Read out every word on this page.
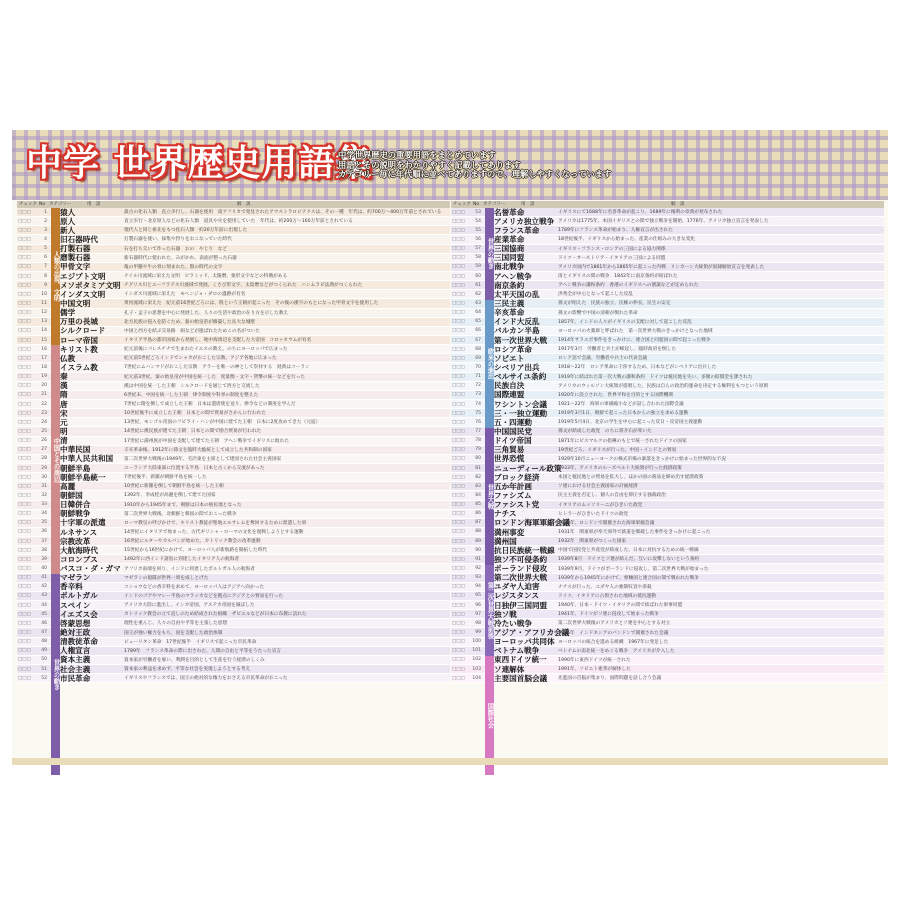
中学 世界歴史用語集
中学世界歴史の重要用語をまとめています
用語とその説明をわかりやすく記載してあります
カテゴリー毎に年代順に並べてありますので、理解しやすくなっています
チェック No カテゴリー	用　語	解　説
□□□	1 猿人	最古の化石人類　直立歩行し、石器を使用　南アフリカで発見されたアウストラロピテクスは、その一種　年代は、約700万～400万年前とされている
□□□	2 原人	直立歩行・北京原人などの化石人類　道具や火を使用していた　年代は、約200万～160万年前とされている
□□□	3 新人	現代人と同じ祖先をもつ化石人類　約20万年前に出現した
□□□	4 旧石器時代	打製石器を使い、採集や狩りをおこなっていた時代
□□□	5 打製石器	石を打ち欠いて作った石器　おの　やじり　など
□□□	6 磨製石器	新石器時代に使われた、みがかれ、表面が整った石器
□□□	7 甲骨文字	亀の甲羅や牛の骨に刻まれた、殷の時代の文字
□□□	8 エジプト文明	ナイル川流域に栄えた文明　ピラミッド、太陽暦、象形文字などの特徴がある
□□□	9 メソポタミア文明 チグリス川とユーフラテス川流域で発展。くさび形文字、太陰暦などがつくられた　ハンムラビ法典がつくられた
□□□	10 インダス文明	インダス川流域に栄えた　モヘンジョ・ダロの遺跡が有名
□□□	11 中国文明	黄河流域に栄えた　紀元前16世紀ごろには、殷という王朝が起こった　その後の漢字のもとになった甲骨文字を使用した
□□□	12 儒学	孔子・孟子の思想を中心に発展した、人々の生活や政治の在り方を示した教え
□□□	13 万里の長城	北方民族の侵入を防ぐため、秦の始皇帝が修築した長大な城壁
□□□	14 シルクロード	中国と西方を結ぶ交易路　絹などが運ばれたためこの名がついた
□□□	15 ローマ帝国	イタリア半島の都市国家から発展し、地中海周辺を支配した大帝国　コロッセウムが有名
□□□	16 キリスト教	紀元前後にパレスチナで生まれたイエスの教え。のちにヨーロッパで広まった
□□□	17 仏教	紀元前5世紀ごろインドでシャカがおこした宗教。アジア各地に広まった
□□□	18 イスラム教	7世紀にムハンマドがおこした宗教　アラーを唯一の神として崇拝する　経典はコーラン
□□□	19 秦	紀元前3世紀、秦の始皇帝が中国を統一した　度量衡・文字・貨幣の統一などを行った
□□□	20 漢	漢は中国を統一した王朝　シルクロードを通じて西方と交流した
□□□	21 隋	6世紀末、中国を統一した王朝　律令制度や科挙の制度を整えた
□□□	22 唐	7世紀に隋を倒して成立した王朝　日本は遣唐使を送り、律令などの制度を学んだ
□□□	23 宋	10世紀後半に成立した王朝　日本との間で貿易がさかんに行われた
□□□	24 元	13世紀、モンゴル帝国のフビライ・ハンが中国に建てた王朝　日本に2度攻めてきた（元寇）
□□□	25 明	14世紀に漢民族が建てた王朝　日本との間で勘合貿易が行われた
□□□	26 清	17世紀に満州族が中国を支配して建てた王朝　アヘン戦争でイギリスに敗れた
□□□	27 中華民国	辛亥革命後、1912年に孫文を臨時大総統として成立した共和制の国家
□□□	28 中華人民共和国	第二次世界大戦後の1949年、毛沢東を主席として建国された社会主義国家
□□□	29 朝鮮半島	ユーラシア大陸東部に位置する半島　日本と古くから交流があった
□□□	30 朝鮮半島統一	7世紀後半、新羅が朝鮮半島を統一した
□□□	31 高麗	10世紀に新羅を倒して朝鮮半島を統一した王朝
□□□	32 朝鮮国	1392年、李成桂が高麗を倒して建てた国家
□□□	33 日韓併合	1910年から1945年まで、朝鮮は日本の植民地となった
□□□	34 朝鮮戦争	第二次世界大戦後、北朝鮮と韓国の間でおこった戦争
□□□	35 十字軍の派遣	ローマ教皇の呼びかけで、キリスト教徒が聖地エルサレムを奪回するために派遣した軍
□□□	36 ルネサンス	14世紀にイタリアで始まった、古代ギリシャ・ローマの文化を復興しようとする運動
□□□	37 宗教改革	16世紀にルターやカルバンが始めた、カトリック教会の改革運動
□□□	38 大航海時代	15世紀から16世紀にかけて、ヨーロッパ人が新航路を開拓した時代
□□□	39 コロンブス	1492年に西インド諸島に到達したイタリア人の航海者
□□□	40 バスコ・ダ・ガマ アフリカ南端を回り、インドに到達したポルトガル人の航海者
□□□	41 マゼラン	マゼランの船隊が世界一周を成しとげた
□□□	42 香辛料	コショウなどの香辛料を求めて、ヨーロッパ人はアジアへ向かった
□□□	43 ポルトガル	インドのゴアやマレー半島のマラッカなどを拠点にアジアとの貿易を行った
□□□	44 スペイン	アメリカ大陸に進出し、インカ帝国、アステカ帝国を滅ぼした
□□□	45 イエズス会	カトリック教会の立て直しのため結成された組織　ザビエルなどが日本に布教に訪れた
□□□	46 啓蒙思想	理性を重んじ、人々の自由や平等を主張した思想
□□□	47 絶対王政	国王が強い権力をもち、国を支配した政治体制
□□□	48 清教徒革命	ピューリタン革命　17世紀後半　イギリスで起こった市民革命
□□□	49 人権宣言	1789年　フランス革命の際に出された、人間の自由と平等をうたった宣言
□□□	50 資本主義	資本家が労働者を雇い、利潤を目的として生産を行う経済のしくみ
□□□	51 社会主義	資本家の利益を求めず、平等な社会を実現しようとする考え
□□□	52 市民革命	イギリスやフランスでは、国王の絶対的な権力をおさえる市民革命がおこった
人類の出現、文明
中国とその周辺
世界の動き
チェック No カテゴリー	用　語	解　説
□□□	53 名誉革命	イギリスにて1688年に名誉革命が起こり、1689年に権利の章典が発布された
□□□	54 アメリカ独立戦争 アメリカは1775年、本国イギリスとの間で独立戦争を開始、1776年、アメリカ独立宣言を発表した
□□□	55 フランス革命	1789年にフランス革命が始まり、人権宣言が出された
□□□	56 産業革命	18世紀後半、イギリスから始まった、産業の仕組みの大きな変化
□□□	57 三国協商	イギリス・フランス・ロシアの三国による協力関係
□□□	58 三国同盟	ドイツ・オーストリア・イタリアの三国による同盟
□□□	59 南北戦争	アメリカ国内で1861年から1865年に起こった内戦　リンカーン大統領が奴隷解放宣言を発表した
□□□	60 アヘン戦争	清とイギリスの間の戦争　1842年に南京条約が結ばれた
□□□	61 南京条約	アヘン戦争の講和条約　香港のイギリスへの割譲などが定められた
□□□	62 太平天国の乱	洪秀全が中心となって起こした反乱
□□□	63 三民主義	孫文が唱えた　民族の独立、民権の伸長、民生の安定
□□□	64 辛亥革命	孫文の影響で中国の清朝が倒れた革命
□□□	65 インド大反乱	1857年、インドの人々がイギリスの支配に対して起こした反乱
□□□	66 バルカン半島	ヨーロッパの火薬庫と呼ばれた　第一次世界大戦のきっかけとなった地域
□□□	67 第一次世界大戦	1914年サラエボ事件をきっかけに、連合国と同盟国の間で起こった戦争
□□□	68 ロシア革命	1917年3月　労働者と兵士が蜂起し、臨時政府を倒した
□□□	69 ソビエト	ロシア語で会議、労働者や兵士の代表会議
□□□	70 シベリア出兵	1918～22年　ロシア革命に干渉するため、日本などがシベリアに出兵した
□□□	71 ベルサイユ条約	1919年に結ばれた第一次大戦の講和条約　ドイツは植民地を失い、多額の賠償金を課された
□□□	72 民族自決	アメリカのウィルソン大統領が提唱した、民族は自らの政治的運命を決定する権利をもつという原則
□□□	73 国際連盟	1920年に設立された、世界平和を目的とする国際機関
□□□	74 ワシントン会議	1921～22年　海軍の軍備縮小などが話し合われた国際会議
□□□	75 三・一独立運動	1919年3月1日、朝鮮で起こった日本からの独立を求める運動
□□□	76 五・四運動	1919年5月4日、北京の学生を中心に起こった反日・反帝国主義運動
□□□	77 中国国民党	孫文が結成した政党　のちに蒋介石が率いた
□□□	78 ドイツ帝国	1871年にビスマルクの指導のもとで統一されたドイツの国家
□□□	79 三角貿易	19世紀ごろ、イギリスが行った、中国・インドとの貿易
□□□	80 世界恐慌	1929年10月ニューヨークの株式市場の暴落をきっかけに始まった世界的な不況
□□□	81 ニューディール政策
1933年、アメリカのルーズベルト大統領が行った経済政策
□□□	82 ブロック経済	本国と植民地との貿易を拡大し、ほかの国の商品を締め出す経済政策
□□□	83 五か年計画	ソ連における社会主義国家の計画経済
□□□	84 ファシズム	民主主義を否定し、個人の自由を抑圧する独裁政治
□□□	85 ファシスト党	イタリアのムッソリーニがひきいた政党
□□□	86 ナチス	ヒトラーがひきいたドイツの政党
□□□	87 ロンドン海軍軍縮会議
1930年、ロンドンで開催された海軍軍縮会議
□□□	88 満州事変	1931年　関東軍が奉天郊外で鉄道を爆破した事件をきっかけに起こった
□□□	89 満州国	1932年　関東軍がつくった国家
□□□	90 抗日民族統一戦線 中国で国民党と共産党が結成した、日本に対抗するための統一戦線
□□□	91 独ソ不可侵条約	1939年8月　ドイツとソ連が結んだ、互いに攻撃しないという条約
□□□	92 ポーランド侵攻	1939年9月、ドイツがポーランドに侵攻し、第二次世界大戦が始まった
□□□	93 第二次世界大戦	1939年から1945年にかけて、枢軸国と連合国の間で戦われた戦争
□□□	94 ユダヤ人迫害	ナチスが行った、ユダヤ人の強制収容や虐殺
□□□	95 レジスタンス	ドイツ、イタリアに占領された地域の抵抗運動
□□□	96 日独伊三国同盟	1940年、日本・ドイツ・イタリアの間で結ばれた軍事同盟
□□□	97 独ソ戦	1941年、ドイツがソ連に侵攻して始まった戦争
□□□	98 冷たい戦争	第二次世界大戦後のアメリカとソ連を中心とする対立
□□□	99 アジア・アフリカ会議
1955年　インドネシアのバンドンで開催された会議
□□□	100 ヨーロッパ共同体 ヨーロッパの統合を進める組織　1967年に発足した
□□□	101 ベトナム戦争	ベトナムの南北統一をめぐる戦争　アメリカが介入した
□□□	102 東西ドイツ統一	1990年に東西ドイツが統一された
□□□	103 ソ連解体	1991年、ソビエト連邦が解体した
□□□	104 主要国首脳会議	先進国の首脳が集まり、国際問題を話し合う会議
世界の動き
欧米の進出
世界大戦
第二次世界大戦前後
国際社会
